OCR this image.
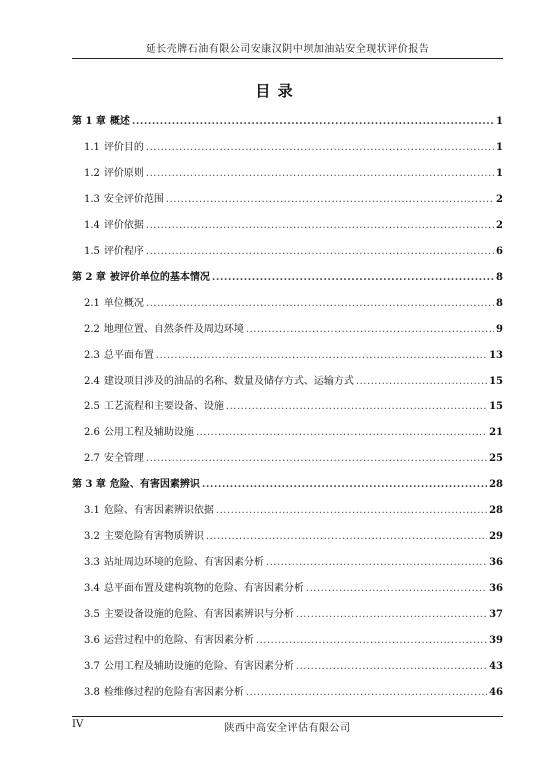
延长壳牌石油有限公司安康汉阴中坝加油站安全现状评价报告
目 录
第 1 章 概述 .....	1
1.1 评价目的 .....	1
1.2 评价原则 .....	1
1.3 安全评价范围 .....	2
1.4 评价依据 .....	2
1.5 评价程序 .....	6
第 2 章 被评价单位的基本情况 .....	8
2.1 单位概况 .....	8
2.2 地理位置、自然条件及周边环境 .....	9
2.3 总平面布置 .....	13
2.4 建设项目涉及的油品的名称、数量及储存方式、运输方式 .....	15
2.5 工艺流程和主要设备、设施 .....	15
2.6 公用工程及辅助设施 .....	21
2.7 安全管理 .....	25
第 3 章 危险、有害因素辨识 .....	28
3.1 危险、有害因素辨识依据 .....	28
3.2 主要危险有害物质辨识 .....	29
3.3 站址周边环境的危险、有害因素分析 .....	36
3.4 总平面布置及建构筑物的危险、有害因素分析 .....	36
3.5 主要设备设施的危险、有害因素辨识与分析 .....	37
3.6 运营过程中的危险、有害因素分析 .....	39
3.7 公用工程及辅助设施的危险、有害因素分析 .....	43
3.8 检维修过程的危险有害因素分析 .....	46
IV	陕西中高安全评估有限公司
